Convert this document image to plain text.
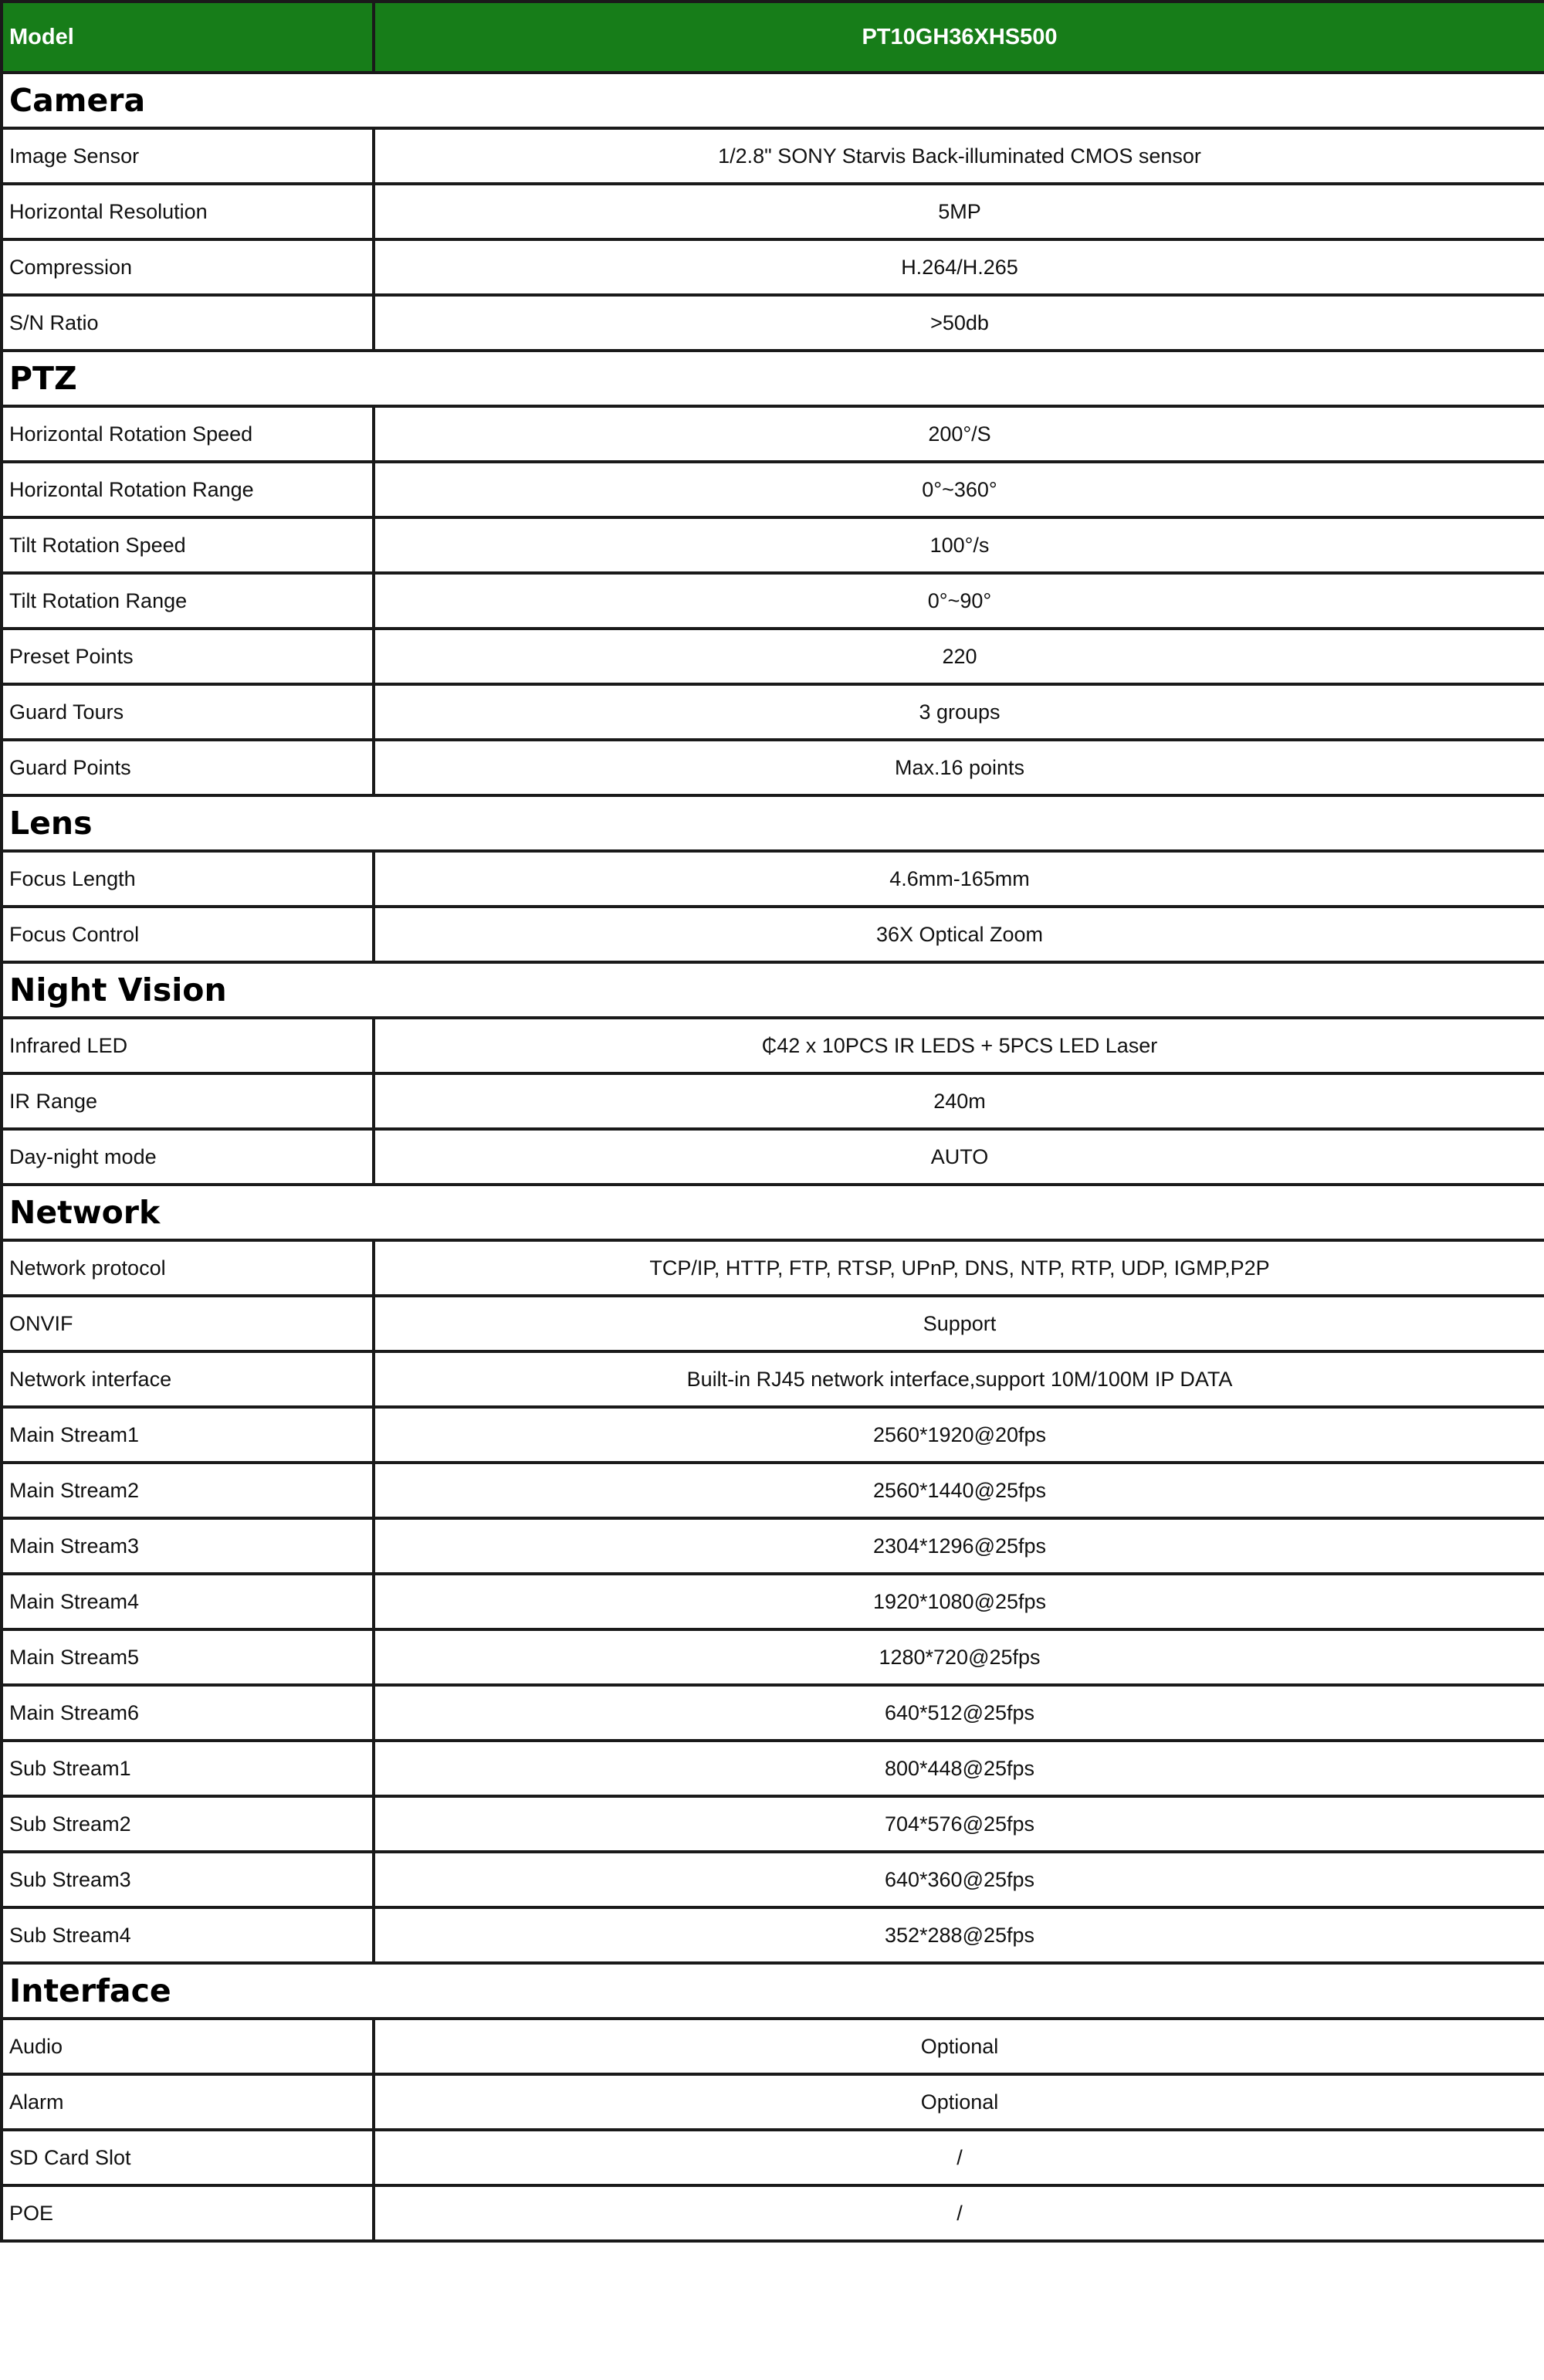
Model	PT10GH36XHS500
Camera	
Image Sensor	1/2.8" SONY Starvis Back-illuminated CMOS sensor
Horizontal Resolution	5MP
Compression	H.264/H.265
S/N Ratio	>50db
PTZ	
Horizontal Rotation Speed	200°/S
Horizontal Rotation Range	0°~360°
Tilt Rotation Speed	100°/s
Tilt Rotation Range	0°~90°
Preset Points	220
Guard Tours	3 groups
Guard Points	Max.16 points
Lens	
Focus Length	4.6mm-165mm
Focus Control	36X Optical Zoom
Night Vision	
Infrared LED	₵42 x 10PCS IR LEDS + 5PCS LED Laser
IR Range	240m
Day-night mode	AUTO
Network	
Network protocol	TCP/IP, HTTP, FTP, RTSP, UPnP, DNS, NTP, RTP, UDP, IGMP,P2P
ONVIF	Support
Network interface	Built-in RJ45 network interface,support 10M/100M IP DATA
Main Stream1	2560*1920@20fps
Main Stream2	2560*1440@25fps
Main Stream3	2304*1296@25fps
Main Stream4	1920*1080@25fps
Main Stream5	1280*720@25fps
Main Stream6	640*512@25fps
Sub Stream1	800*448@25fps
Sub Stream2	704*576@25fps
Sub Stream3	640*360@25fps
Sub Stream4	352*288@25fps
Interface	
Audio	Optional
Alarm	Optional
SD Card Slot	/
POE	/
